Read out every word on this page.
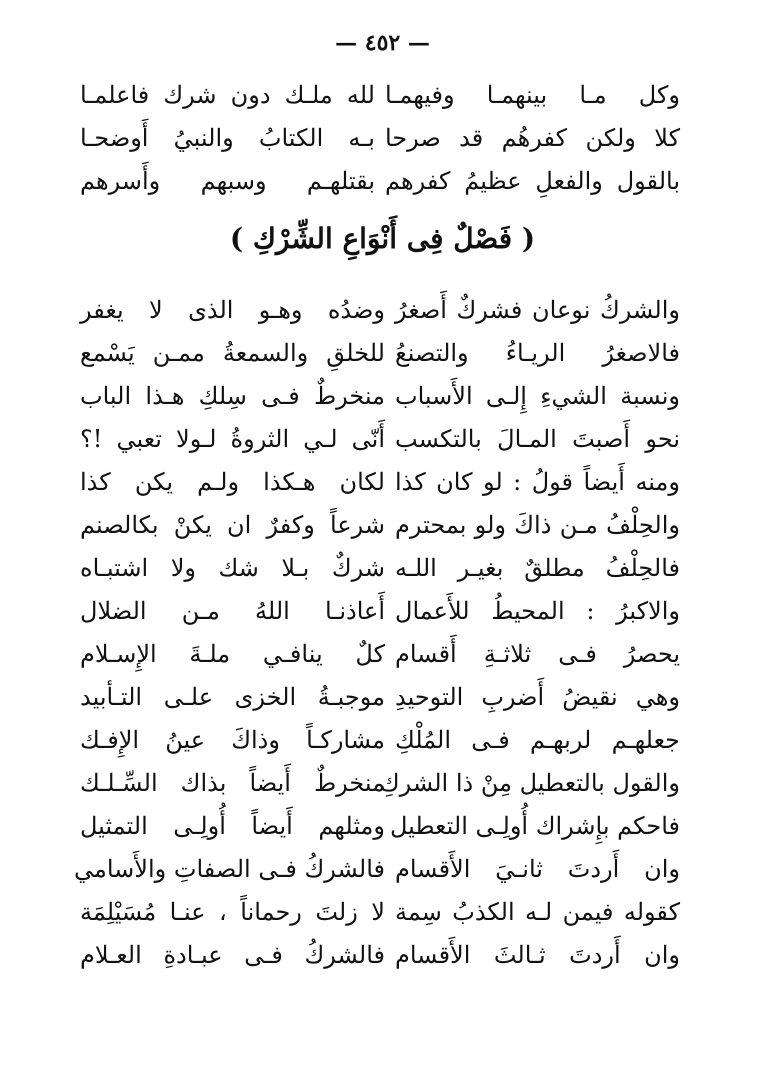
— ٤٥٢ —
وكل مـا بينهمـا وفيهمـا
لله ملـك دون شرك فاعلمـا
كلا ولكن كفرهُم قد صرحا
بـه الكتابُ والنبيُ أَوضحـا
بالقول والفعلِ عظيمُ كفرهم
بقتلهـم وسبهم وأَسرهم
( فَصْلٌ فِى أَنْوَاعِ الشِّرْكِ )
والشركُ نوعان فشركٌ أَصغرُ
وضدُه وهـو الذى لا يغفر
فالاصغرُ الريـاءُ والتصنعُ
للخلقِ والسمعةُ ممـن يَسْمع
ونسبة الشيءِ إِلـى الأَسباب
منخرطٌ فـى سِلكِ هـذا الباب
نحو أَصبتَ المـالَ بالتكسب
أَنّى لـي الثروةُ لـولا تعبي !؟
ومنه أَيضاً قولُ : لو كان كذا
لكان هـكذا ولـم يكن كذا
والحِلْفُ مـن ذاكَ ولو بمحترم
شرعاً وكفرٌ ان يكنْ بكالصنم
فالحِلْفُ مطلقٌ بغيـر اللـه
شركٌ بـلا شك ولا اشتبـاه
والاكبرُ : المحيطُ للأَعمال
أَعاذنـا اللهُ مـن الضلال
يحصرُ فـى ثلاثـةِ أَقسام
كلٌ ينافـي ملـةَ الإِسـلام
وهي نقيضُ أَضربِ التوحيدِ
موجبـةُ الخزى علـى التـأبيد
جعلهـم لربهـم فـى المُلْكِ
مشاركـاً وذاكَ عينُ الإِفـك
والقول بالتعطيل مِنْ ذا الشركِ
منخرطٌ أَيضاً بذاك السِّـلـك
فاحكم بإِشراك أُولِـى التعطيل
ومثلهم أَيضاً أُولِـى التمثيل
وان أَردتَ ثانـيَ الأَقسام
فالشركُ فـى الصفاتِ والأَسامي
كقوله فيمن لـه الكذبُ سِمة
لا زلتَ رحماناً ، عنـا مُسَيْلِمَة
وان أَردتَ ثـالثَ الأَقسام
فالشركُ فـى عبـادةِ العـلام
